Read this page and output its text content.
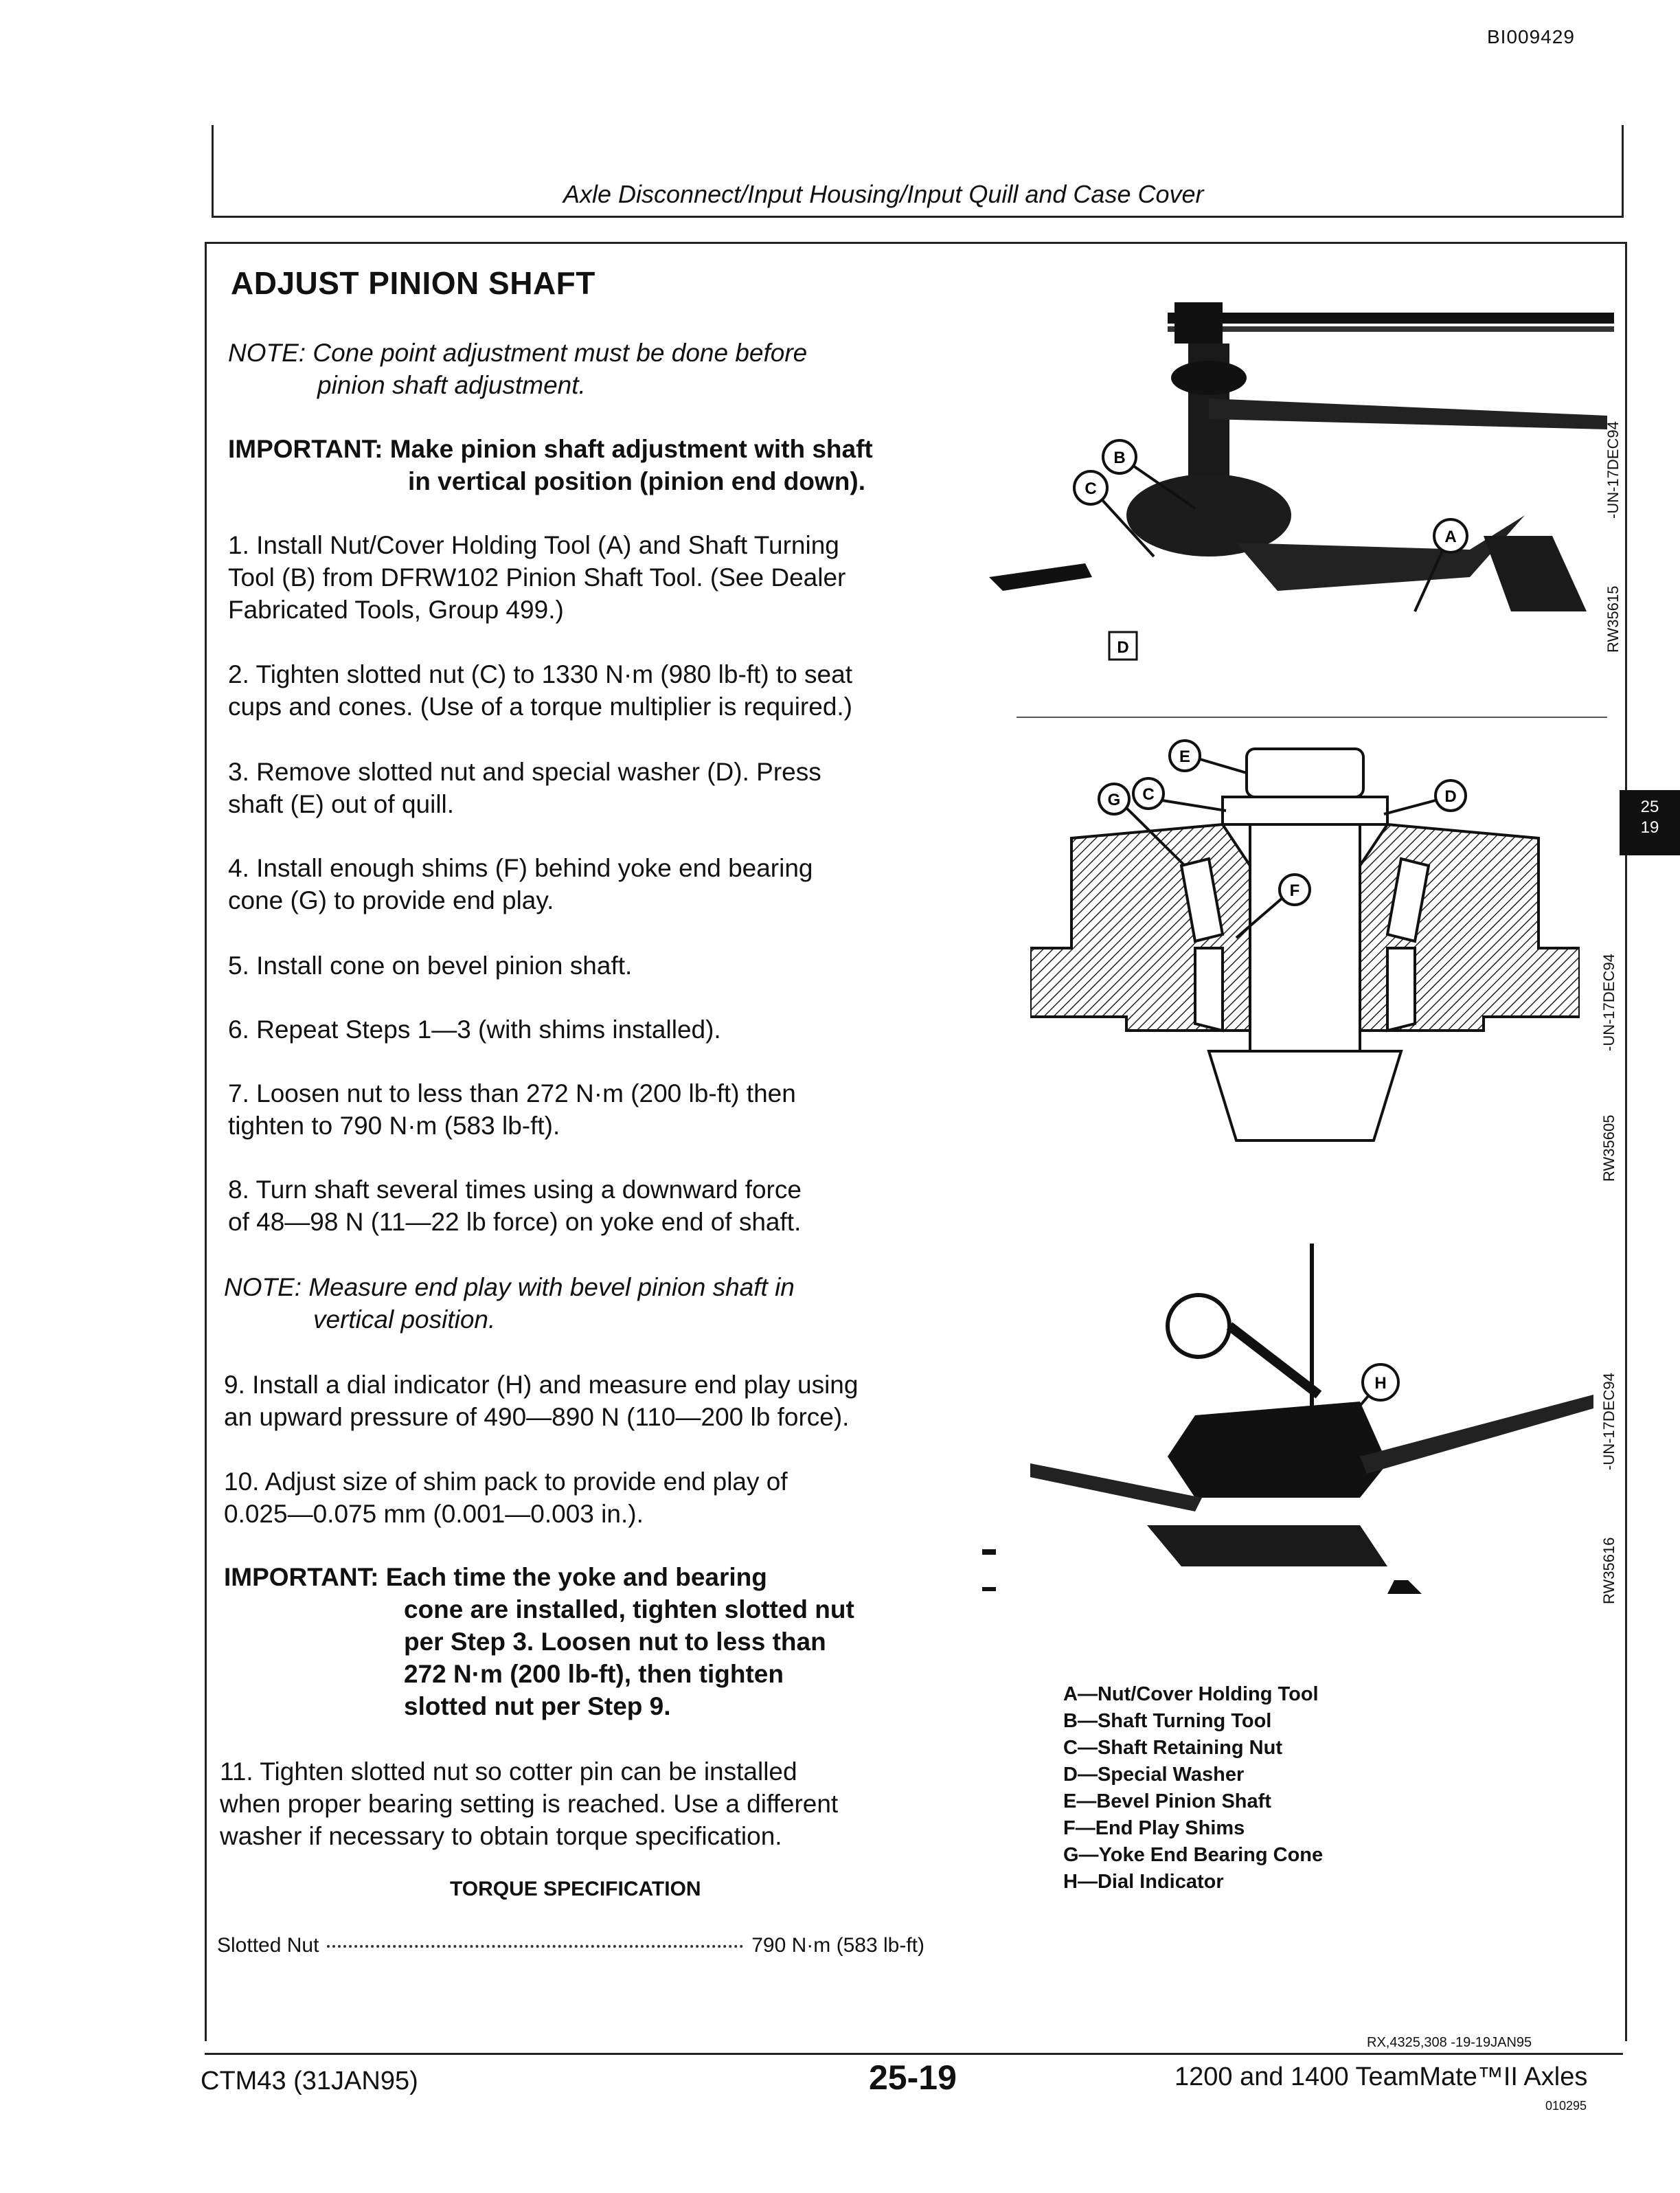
BI009429
Axle Disconnect/Input Housing/Input Quill and Case Cover
ADJUST PINION SHAFT
NOTE: Cone point adjustment must be done before
pinion shaft adjustment.
IMPORTANT: Make pinion shaft adjustment with shaft
in vertical position (pinion end down).
1. Install Nut/Cover Holding Tool (A) and Shaft Turning
Tool (B) from DFRW102 Pinion Shaft Tool. (See Dealer
Fabricated Tools, Group 499.)
2. Tighten slotted nut (C) to 1330 N·m (980 lb-ft) to seat
cups and cones. (Use of a torque multiplier is required.)
3. Remove slotted nut and special washer (D). Press
shaft (E) out of quill.
4. Install enough shims (F) behind yoke end bearing
cone (G) to provide end play.
5. Install cone on bevel pinion shaft.
6. Repeat Steps 1—3 (with shims installed).
7. Loosen nut to less than 272 N·m (200 lb-ft) then
tighten to 790 N·m (583 lb-ft).
8. Turn shaft several times using a downward force
of 48—98 N (11—22 lb force) on yoke end of shaft.
NOTE: Measure end play with bevel pinion shaft in
vertical position.
9. Install a dial indicator (H) and measure end play using
an upward pressure of 490—890 N (110—200 lb force).
10. Adjust size of shim pack to provide end play of
0.025—0.075 mm (0.001—0.003 in.).
IMPORTANT: Each time the yoke and bearing
cone are installed, tighten slotted nut
per Step 3. Loosen nut to less than
272 N·m (200 lb-ft), then tighten
slotted nut per Step 9.
11. Tighten slotted nut so cotter pin can be installed
when proper bearing setting is reached. Use a different
washer if necessary to obtain torque specification.
TORQUE SPECIFICATION
Slotted Nut	790 N·m (583 lb-ft)
B
C
A
D	RW35615
-UN-17DEC94
E
G C	D
F
RW35605
-UN-17DEC94
H
RW35616
-UN-17DEC94
A—Nut/Cover Holding Tool
B—Shaft Turning Tool
C—Shaft Retaining Nut
D—Special Washer
E—Bevel Pinion Shaft
F—End Play Shims
G—Yoke End Bearing Cone
H—Dial Indicator
25
19
RX,4325,308 -19-19JAN95
CTM43 (31JAN95)	25-19	1200 and 1400 TeamMate™II Axles
010295
